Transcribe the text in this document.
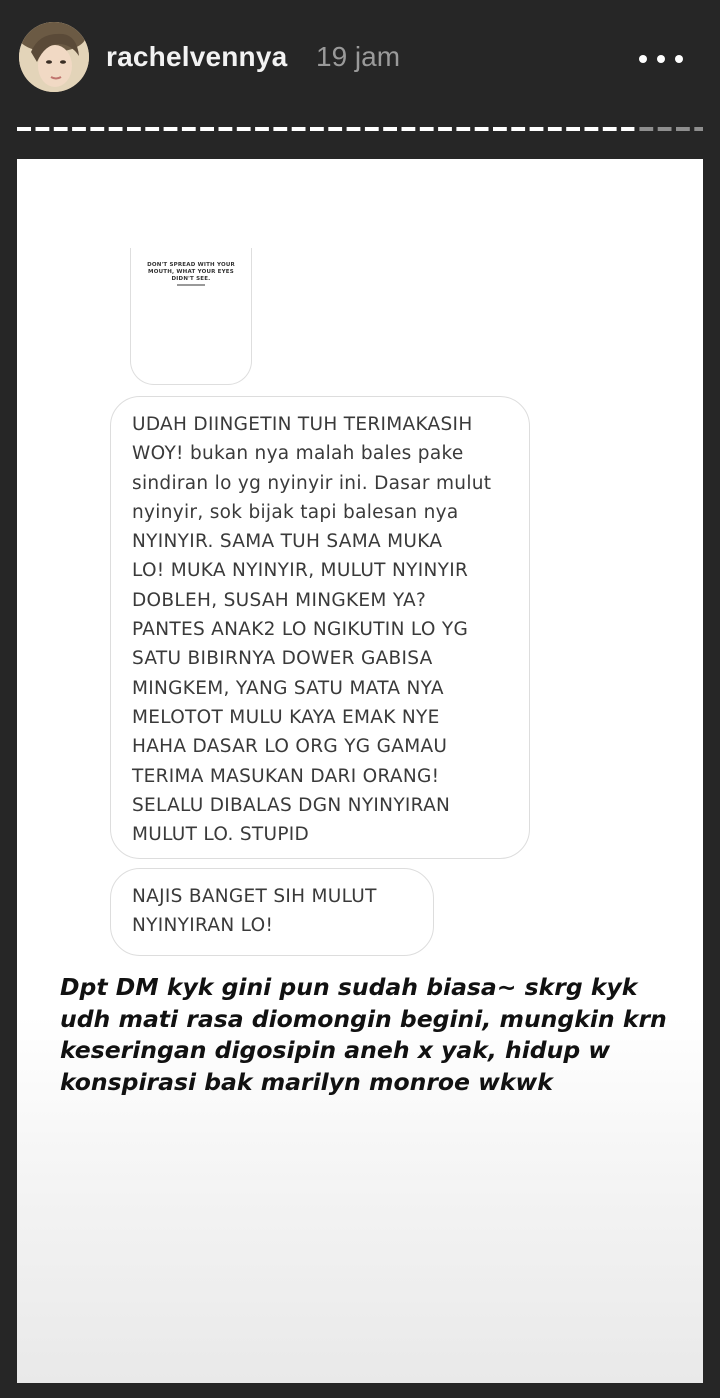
rachelvennya 19 jam
DON'T SPREAD WITH YOUR MOUTH, WHAT YOUR EYES DIDN'T SEE.
UDAH DIINGETIN TUH TERIMAKASIH
WOY! bukan nya malah bales pake
sindiran lo yg nyinyir ini. Dasar mulut
nyinyir, sok bijak tapi balesan nya
NYINYIR. SAMA TUH SAMA MUKA
LO! MUKA NYINYIR, MULUT NYINYIR
DOBLEH, SUSAH MINGKEM YA?
PANTES ANAK2 LO NGIKUTIN LO YG
SATU BIBIRNYA DOWER GABISA
MINGKEM, YANG SATU MATA NYA
MELOTOT MULU KAYA EMAK NYE
HAHA DASAR LO ORG YG GAMAU
TERIMA MASUKAN DARI ORANG!
SELALU DIBALAS DGN NYINYIRAN
MULUT LO. STUPID
NAJIS BANGET SIH MULUT
NYINYIRAN LO!
Dpt DM kyk gini pun sudah biasa~ skrg kyk
udh mati rasa diomongin begini, mungkin krn
keseringan digosipin aneh x yak, hidup w
konspirasi bak marilyn monroe wkwk
